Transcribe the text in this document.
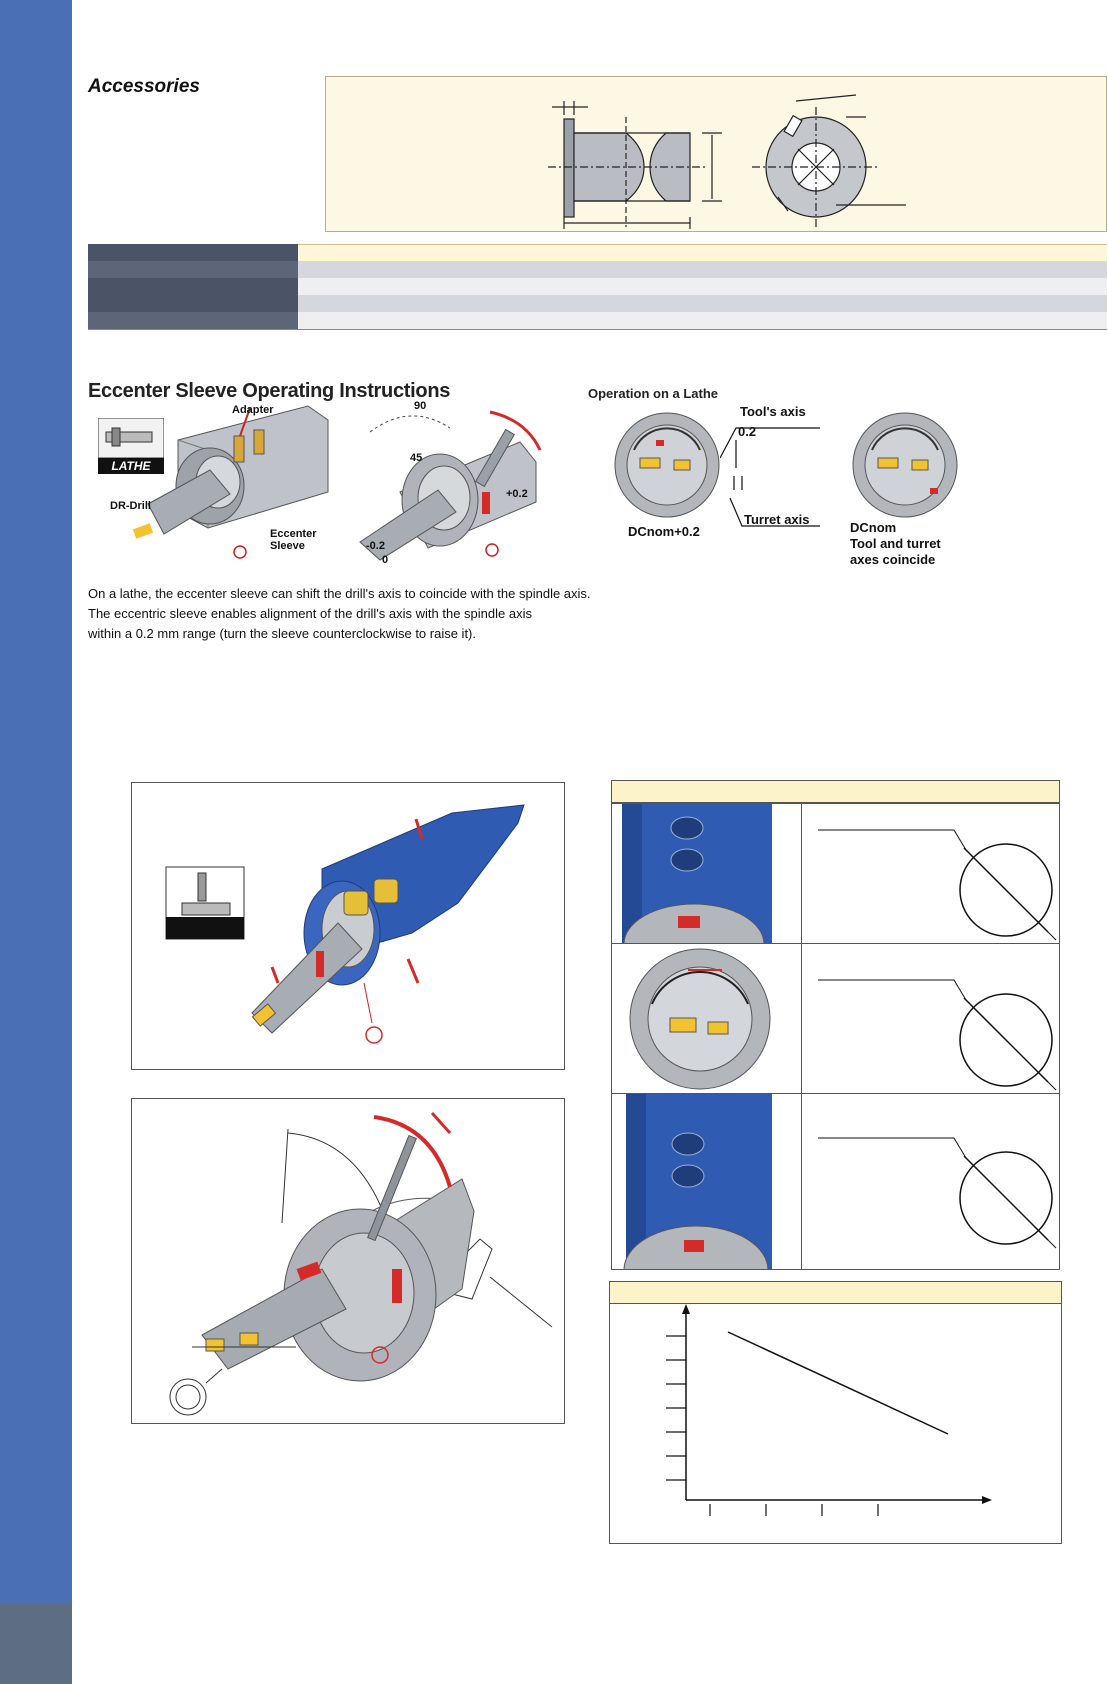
Accessories
Eccenter Sleeve Operating Instructions
LATHE
Adapter
DR-Drill
Eccenter Sleeve
90
45
+0.2
-0.2
0
Operation on a Lathe
Tool's axis
0.2
Turret axis
DCnom+0.2	DCnom
Tool and turret
axes coincide

On a lathe, the eccenter sleeve can shift the drill's axis to coincide with the spindle axis.

The eccentric sleeve enables alignment of the drill's axis with the spindle axis

within a 0.2 mm range (turn the sleeve counterclockwise to raise it).
